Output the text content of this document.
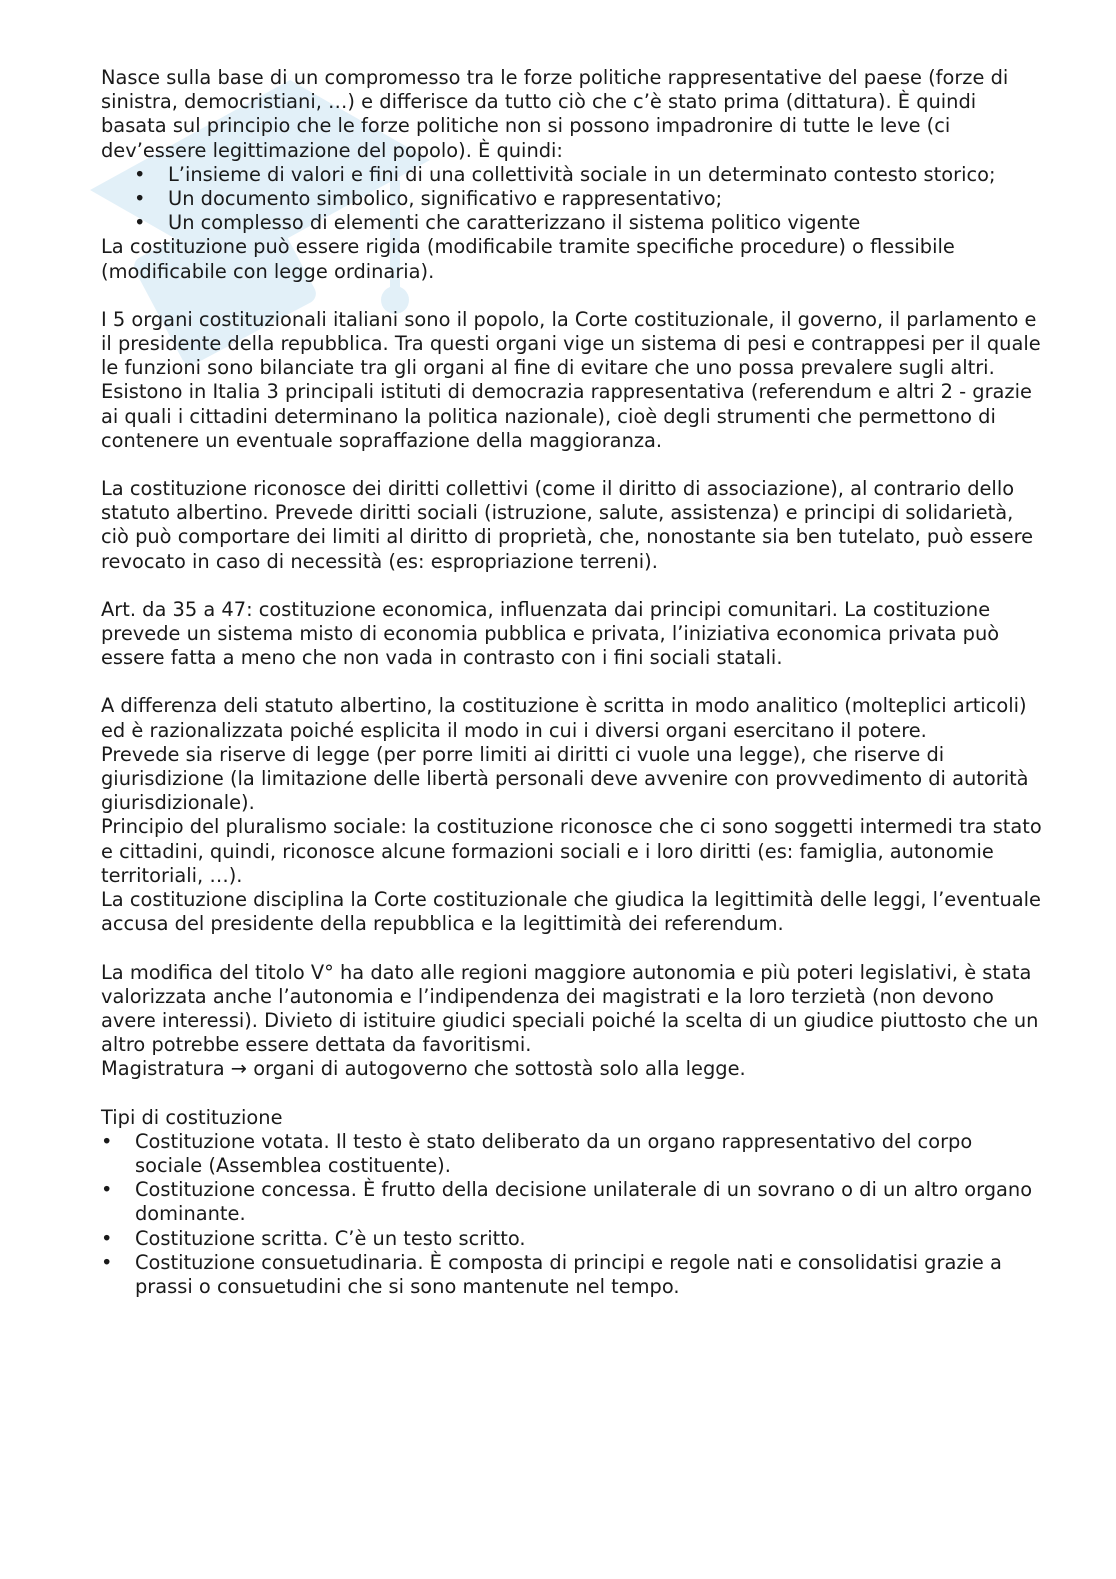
Nasce sulla base di un compromesso tra le forze politiche rappresentative del paese (forze di sinistra, democristiani, …) e differisce da tutto ciò che c’è stato prima (dittatura). È quindi basata sul principio che le forze politiche non si possono impadronire di tutte le leve (ci dev’essere legittimazione del popolo). È quindi:

• L’insieme di valori e fini di una collettività sociale in un determinato contesto storico;
• Un documento simbolico, significativo e rappresentativo;
• Un complesso di elementi che caratterizzano il sistema politico vigente

La costituzione può essere rigida (modificabile tramite specifiche procedure) o flessibile (modificabile con legge ordinaria).

I 5 organi costituzionali italiani sono il popolo, la Corte costituzionale, il governo, il parlamento e il presidente della repubblica. Tra questi organi vige un sistema di pesi e contrappesi per il quale le funzioni sono bilanciate tra gli organi al fine di evitare che uno possa prevalere sugli altri.

Esistono in Italia 3 principali istituti di democrazia rappresentativa (referendum e altri 2 - grazie ai quali i cittadini determinano la politica nazionale), cioè degli strumenti che permettono di contenere un eventuale sopraffazione della maggioranza.

La costituzione riconosce dei diritti collettivi (come il diritto di associazione), al contrario dello statuto albertino. Prevede diritti sociali (istruzione, salute, assistenza) e principi di solidarietà, ciò può comportare dei limiti al diritto di proprietà, che, nonostante sia ben tutelato, può essere revocato in caso di necessità (es: espropriazione terreni).

Art. da 35 a 47: costituzione economica, influenzata dai principi comunitari. La costituzione prevede un sistema misto di economia pubblica e privata, l’iniziativa economica privata può essere fatta a meno che non vada in contrasto con i fini sociali statali.

A differenza deli statuto albertino, la costituzione è scritta in modo analitico (molteplici articoli) ed è razionalizzata poiché esplicita il modo in cui i diversi organi esercitano il potere.

Prevede sia riserve di legge (per porre limiti ai diritti ci vuole una legge), che riserve di giurisdizione (la limitazione delle libertà personali deve avvenire con provvedimento di autorità giurisdizionale).

Principio del pluralismo sociale: la costituzione riconosce che ci sono soggetti intermedi tra stato e cittadini, quindi, riconosce alcune formazioni sociali e i loro diritti (es: famiglia, autonomie territoriali, …).

La costituzione disciplina la Corte costituzionale che giudica la legittimità delle leggi, l’eventuale accusa del presidente della repubblica e la legittimità dei referendum.

La modifica del titolo V° ha dato alle regioni maggiore autonomia e più poteri legislativi, è stata valorizzata anche l’autonomia e l’indipendenza dei magistrati e la loro terzietà (non devono avere interessi). Divieto di istituire giudici speciali poiché la scelta di un giudice piuttosto che un altro potrebbe essere dettata da favoritismi.

Magistratura → organi di autogoverno che sottostà solo alla legge.

Tipi di costituzione

• Costituzione votata. Il testo è stato deliberato da un organo rappresentativo del corpo sociale (Assemblea costituente).
• Costituzione concessa. È frutto della decisione unilaterale di un sovrano o di un altro organo dominante.
• Costituzione scritta. C’è un testo scritto.
• Costituzione consuetudinaria. È composta di principi e regole nati e consolidatisi grazie a prassi o consuetudini che si sono mantenute nel tempo.
